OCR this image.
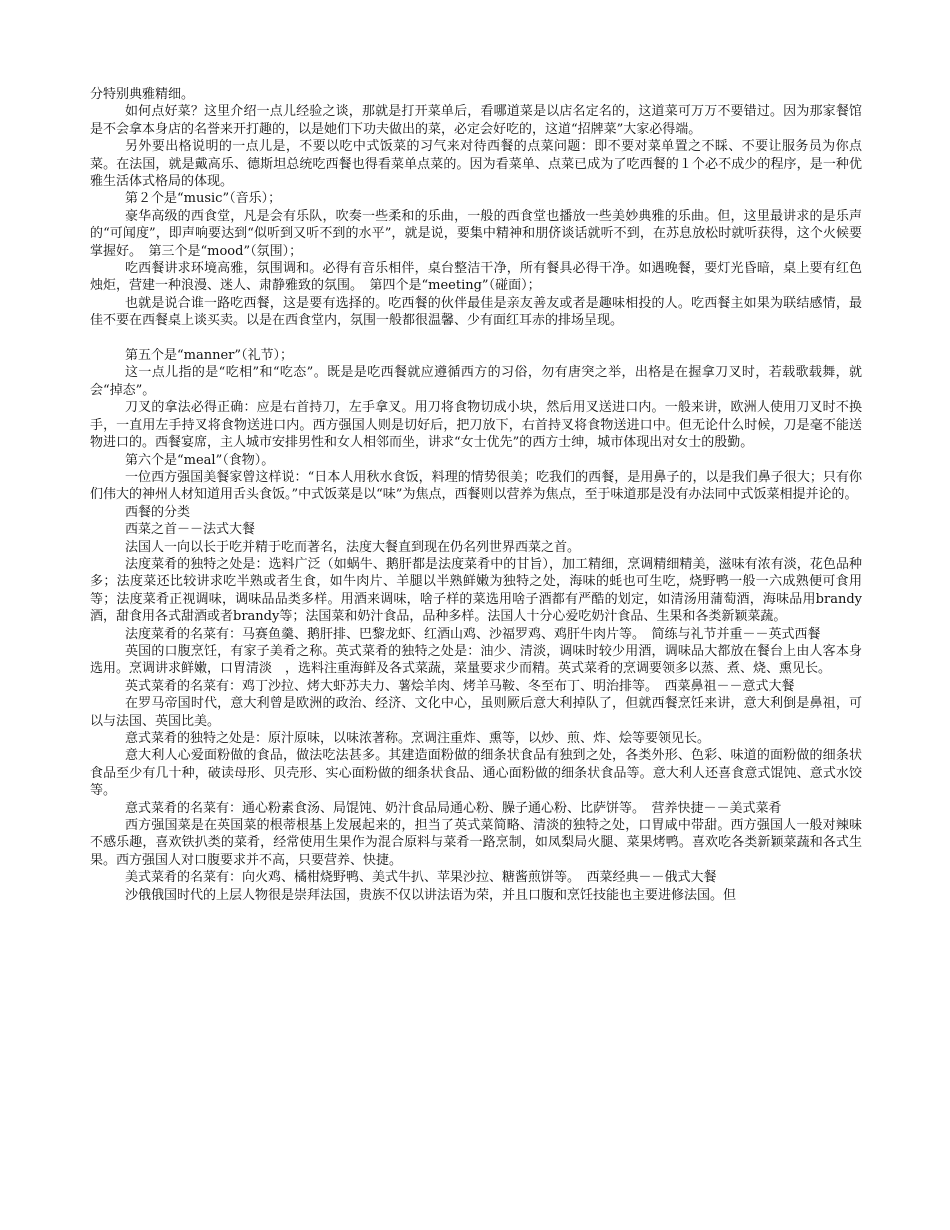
分特别典雅精细。

如何点好菜？这里介绍一点儿经验之谈，那就是打开菜单后，看哪道菜是以店名定名的，这道菜可万万不要错过。因为那家餐馆是不会拿本身店的名誉来开打趣的，以是她们下功夫做出的菜，必定会好吃的，这道“招牌菜”大家必得端。

另外要出格说明的一点儿是，不要以吃中式饭菜的习气来对待西餐的点菜问题：即不要对菜单置之不睬、不要让服务员为你点菜。在法国，就是戴高乐、德斯坦总统吃西餐也得看菜单点菜的。因为看菜单、点菜已成为了吃西餐的１个必不成少的程序，是一种优雅生活体式格局的体现。

第２个是“music”（音乐）；

豪华高级的西食堂，凡是会有乐队，吹奏一些柔和的乐曲，一般的西食堂也播放一些美妙典雅的乐曲。但，这里最讲求的是乐声的“可闻度”，即声响要达到“似听到又听不到的水平”，就是说，要集中精神和朋侪谈话就听不到，在苏息放松时就听获得，这个火候要掌握好。　第三个是“mood”（氛围）；

吃西餐讲求环境高雅，氛围调和。必得有音乐相伴，桌台整洁干净，所有餐具必得干净。如遇晚餐，要灯光昏暗，桌上要有红色烛炬，营建一种浪漫、迷人、肃静雅致的氛围。　第四个是“meeting”（碰面）；

也就是说合谁一路吃西餐，这是要有选择的。吃西餐的伙伴最佳是亲友善友或者是趣味相投的人。吃西餐主如果为联结感情，最佳不要在西餐桌上谈买卖。以是在西食堂内，氛围一般都很温馨、少有面红耳赤的排场呈现。

第五个是“manner”（礼节）；

这一点儿指的是“吃相”和“吃态”。既是是吃西餐就应遵循西方的习俗，勿有唐突之举，出格是在握拿刀叉时，若载歌载舞，就会“掉态”。

刀叉的拿法必得正确：应是右首持刀，左手拿叉。用刀将食物切成小块，然后用叉送进口内。一般来讲，欧洲人使用刀叉时不换手，一直用左手持叉将食物送进口内。西方强国人则是切好后，把刀放下，右首持叉将食物送进口中。但无论什么时候，刀是毫不能送物进口的。西餐宴席，主人城市安排男性和女人相邻而坐，讲求“女士优先”的西方士绅，城市体现出对女士的殷勤。

第六个是“meal”（食物）。

一位西方强国美餐家曾这样说：“日本人用秋水食饭，料理的情势很美；吃我们的西餐，是用鼻子的，以是我们鼻子很大；只有你们伟大的神州人材知道用舌头食饭。”中式饭菜是以“味”为焦点，西餐则以营养为焦点，至于味道那是没有办法同中式饭菜相提并论的。

西餐的分类

西菜之首－－法式大餐

法国人一向以长于吃并精于吃而著名，法度大餐直到现在仍名列世界西菜之首。

法度菜肴的独特之处是：选料广泛（如蜗牛、鹅肝都是法度菜肴中的甘旨），加工精细，烹调精细精美，滋味有浓有淡，花色品种多；法度菜还比较讲求吃半熟或者生食，如牛肉片、羊腿以半熟鲜嫩为独特之处，海味的蚝也可生吃，烧野鸭一般一六成熟便可食用等；法度菜肴正视调味，调味品品类多样。用酒来调味，啥子样的菜选用啥子酒都有严酷的划定，如清汤用蒲萄酒，海味品用brandy酒，甜食用各式甜酒或者brandy等；法国菜和奶汁食品，品种多样。法国人十分心爱吃奶汁食品、生果和各类新颖菜蔬。

法度菜肴的名菜有：马赛鱼羹、鹅肝排、巴黎龙虾、红酒山鸡、沙福罗鸡、鸡肝牛肉片等。　简练与礼节并重－－英式西餐

英国的口腹烹饪，有家子美肴之称。英式菜肴的独特之处是：油少、清淡，调味时较少用酒，调味品大都放在餐台上由人客本身选用。烹调讲求鲜嫩，口胃清淡　，选料注重海鲜及各式菜蔬，菜量要求少而精。英式菜肴的烹调要领多以蒸、煮、烧、熏见长。

英式菜肴的名菜有：鸡丁沙拉、烤大虾苏夫力、薯烩羊肉、烤羊马鞍、冬至布丁、明治排等。　西菜鼻祖－－意式大餐

在罗马帝国时代，意大利曾是欧洲的政治、经济、文化中心，虽则厥后意大利掉队了，但就西餐烹饪来讲，意大利倒是鼻祖，可以与法国、英国比美。

意式菜肴的独特之处是：原汁原味，以味浓著称。烹调注重炸、熏等，以炒、煎、炸、烩等要领见长。

意大利人心爱面粉做的食品，做法吃法甚多。其建造面粉做的细条状食品有独到之处，各类外形、色彩、味道的面粉做的细条状食品至少有几十种，破读母形、贝壳形、实心面粉做的细条状食品、通心面粉做的细条状食品等。意大利人还喜食意式馄饨、意式水饺等。

意式菜肴的名菜有：通心粉素食汤、局馄饨、奶汁食品局通心粉、臊子通心粉、比萨饼等。　营养快捷－－美式菜肴

西方强国菜是在英国菜的根蒂根基上发展起来的，担当了英式菜简略、清淡的独特之处，口胃咸中带甜。西方强国人一般对辣味不感乐趣，喜欢铁扒类的菜肴，经常使用生果作为混合原料与菜肴一路烹制，如凤梨局火腿、菜果烤鸭。喜欢吃各类新颖菜蔬和各式生果。西方强国人对口腹要求并不高，只要营养、快捷。

美式菜肴的名菜有：向火鸡、橘柑烧野鸭、美式牛扒、苹果沙拉、糖酱煎饼等。　西菜经典－－俄式大餐

沙俄俄国时代的上层人物很是崇拜法国，贵族不仅以讲法语为荣，并且口腹和烹饪技能也主要进修法国。但
